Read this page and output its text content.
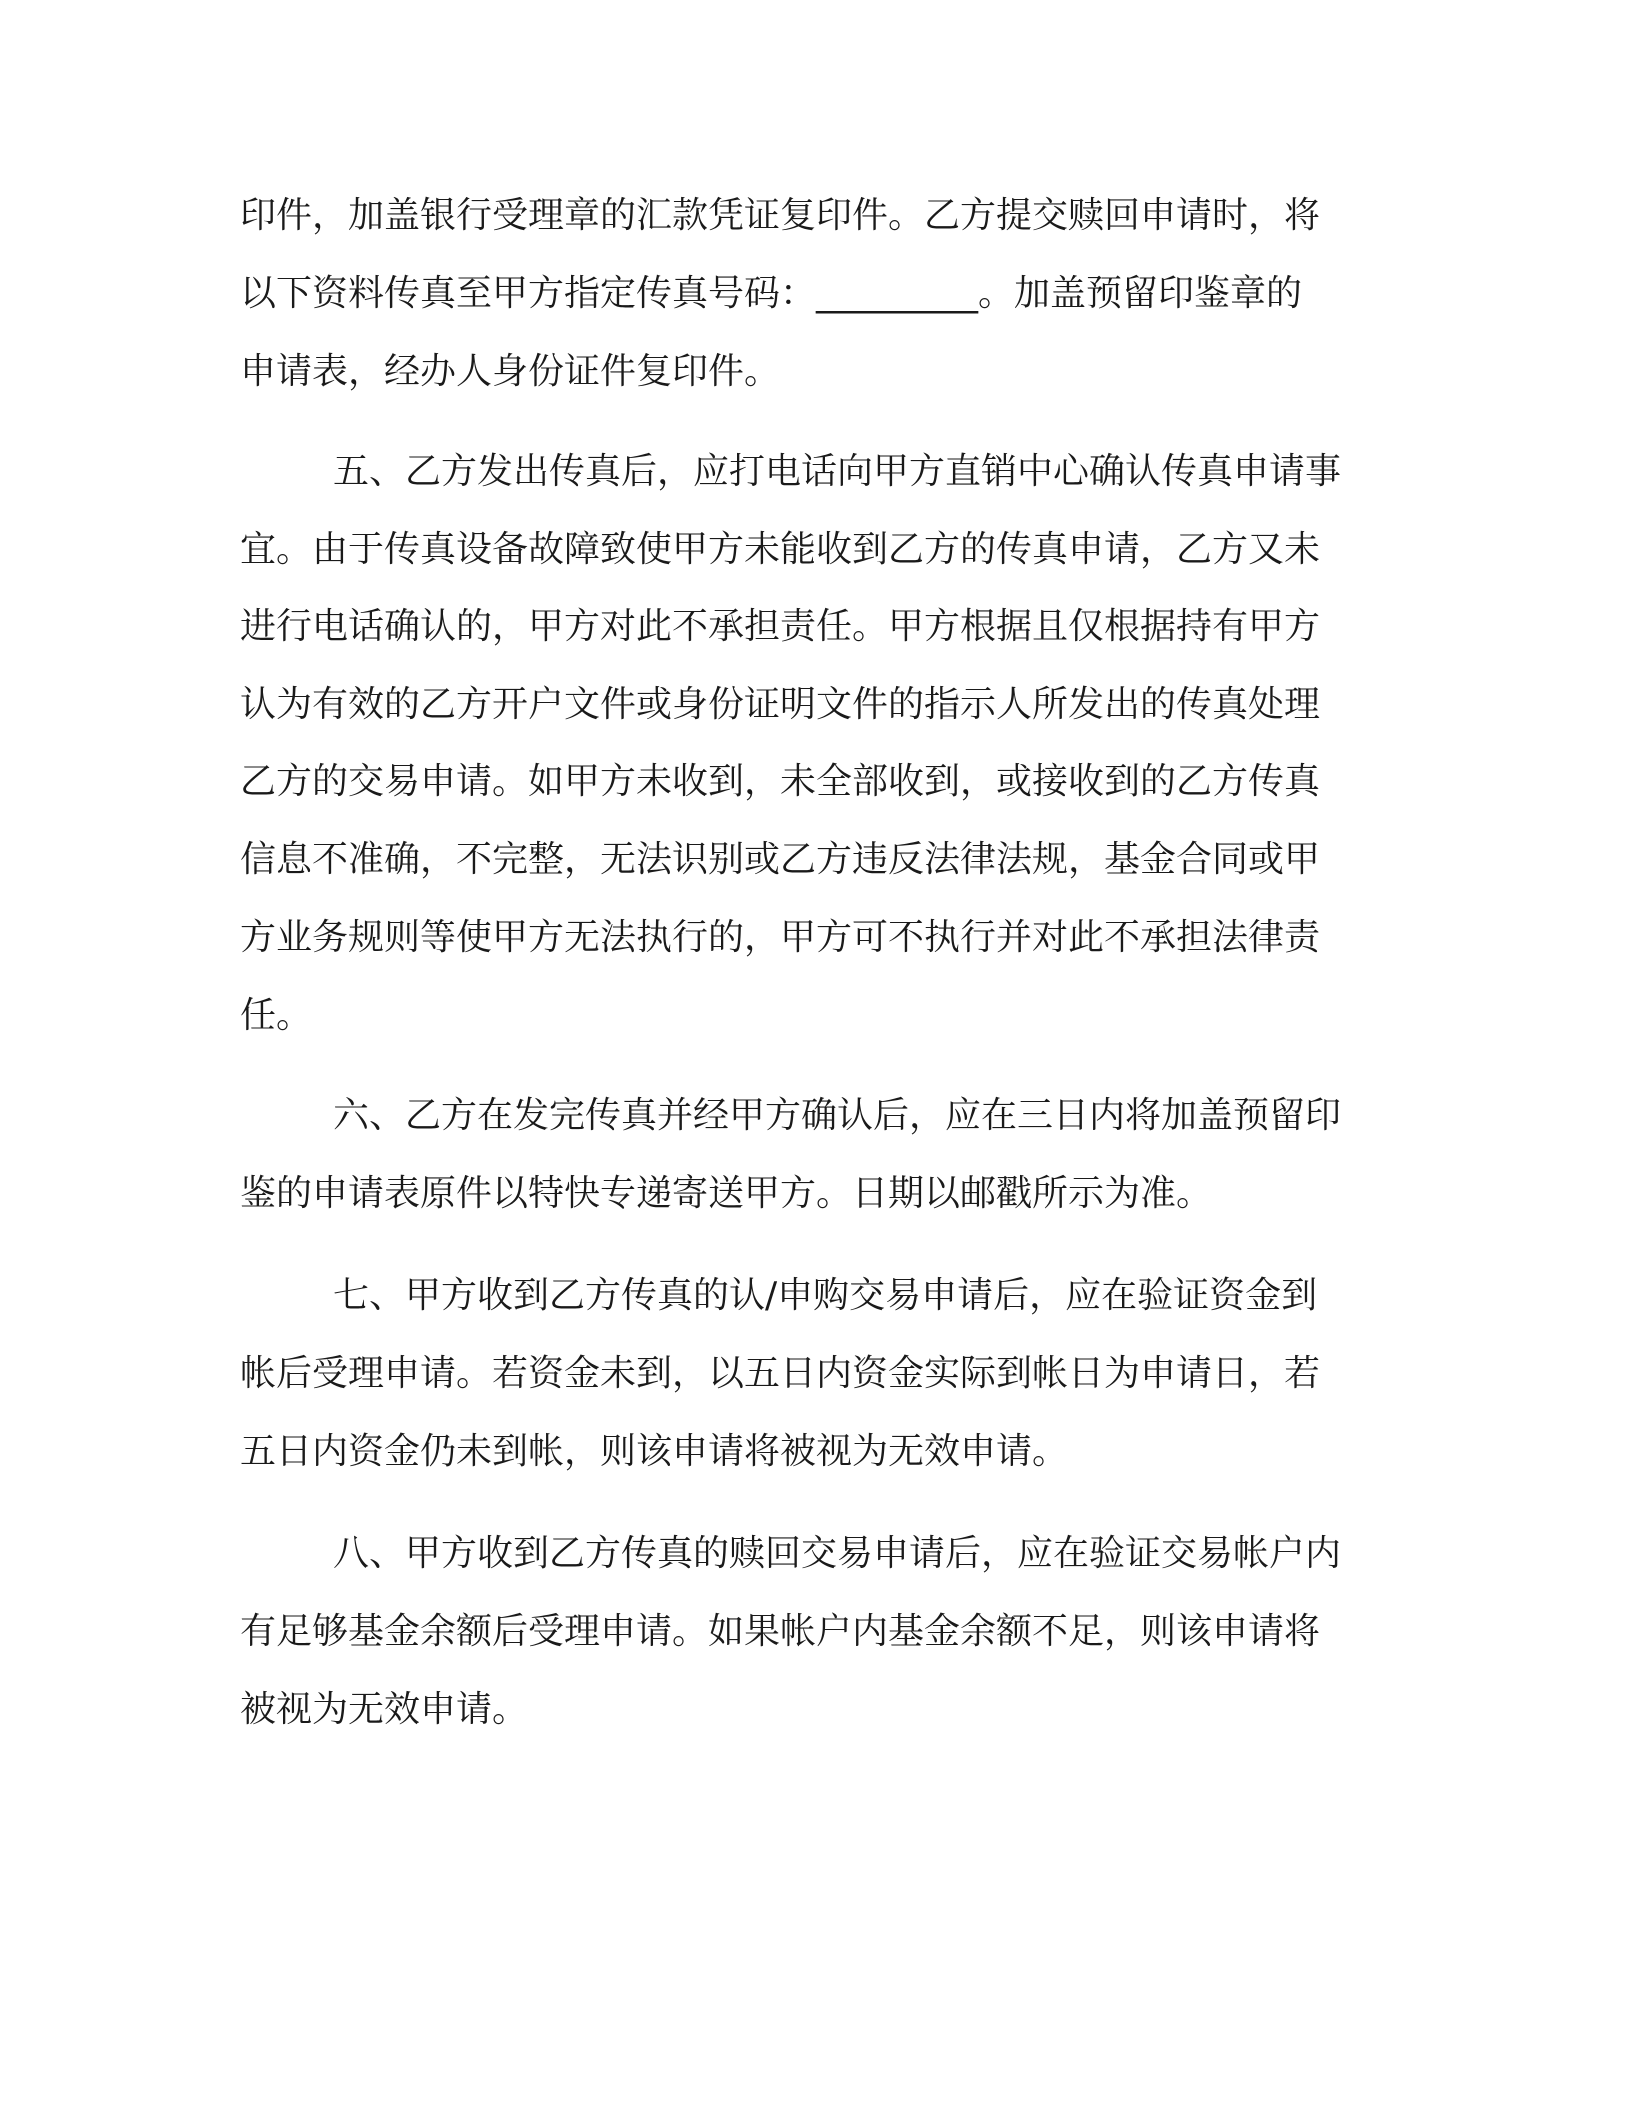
印件，加盖银行受理章的汇款凭证复印件。乙方提交赎回申请时，将

以下资料传真至甲方指定传真号码：_________。加盖预留印鉴章的

申请表，经办人身份证件复印件。

五、乙方发出传真后，应打电话向甲方直销中心确认传真申请事

宜。由于传真设备故障致使甲方未能收到乙方的传真申请，乙方又未

进行电话确认的，甲方对此不承担责任。甲方根据且仅根据持有甲方

认为有效的乙方开户文件或身份证明文件的指示人所发出的传真处理

乙方的交易申请。如甲方未收到，未全部收到，或接收到的乙方传真

信息不准确，不完整，无法识别或乙方违反法律法规，基金合同或甲

方业务规则等使甲方无法执行的，甲方可不执行并对此不承担法律责

任。

六、乙方在发完传真并经甲方确认后，应在三日内将加盖预留印

鉴的申请表原件以特快专递寄送甲方。日期以邮戳所示为准。

七、甲方收到乙方传真的认/申购交易申请后，应在验证资金到

帐后受理申请。若资金未到，以五日内资金实际到帐日为申请日，若

五日内资金仍未到帐，则该申请将被视为无效申请。

八、甲方收到乙方传真的赎回交易申请后，应在验证交易帐户内

有足够基金余额后受理申请。如果帐户内基金余额不足，则该申请将

被视为无效申请。
